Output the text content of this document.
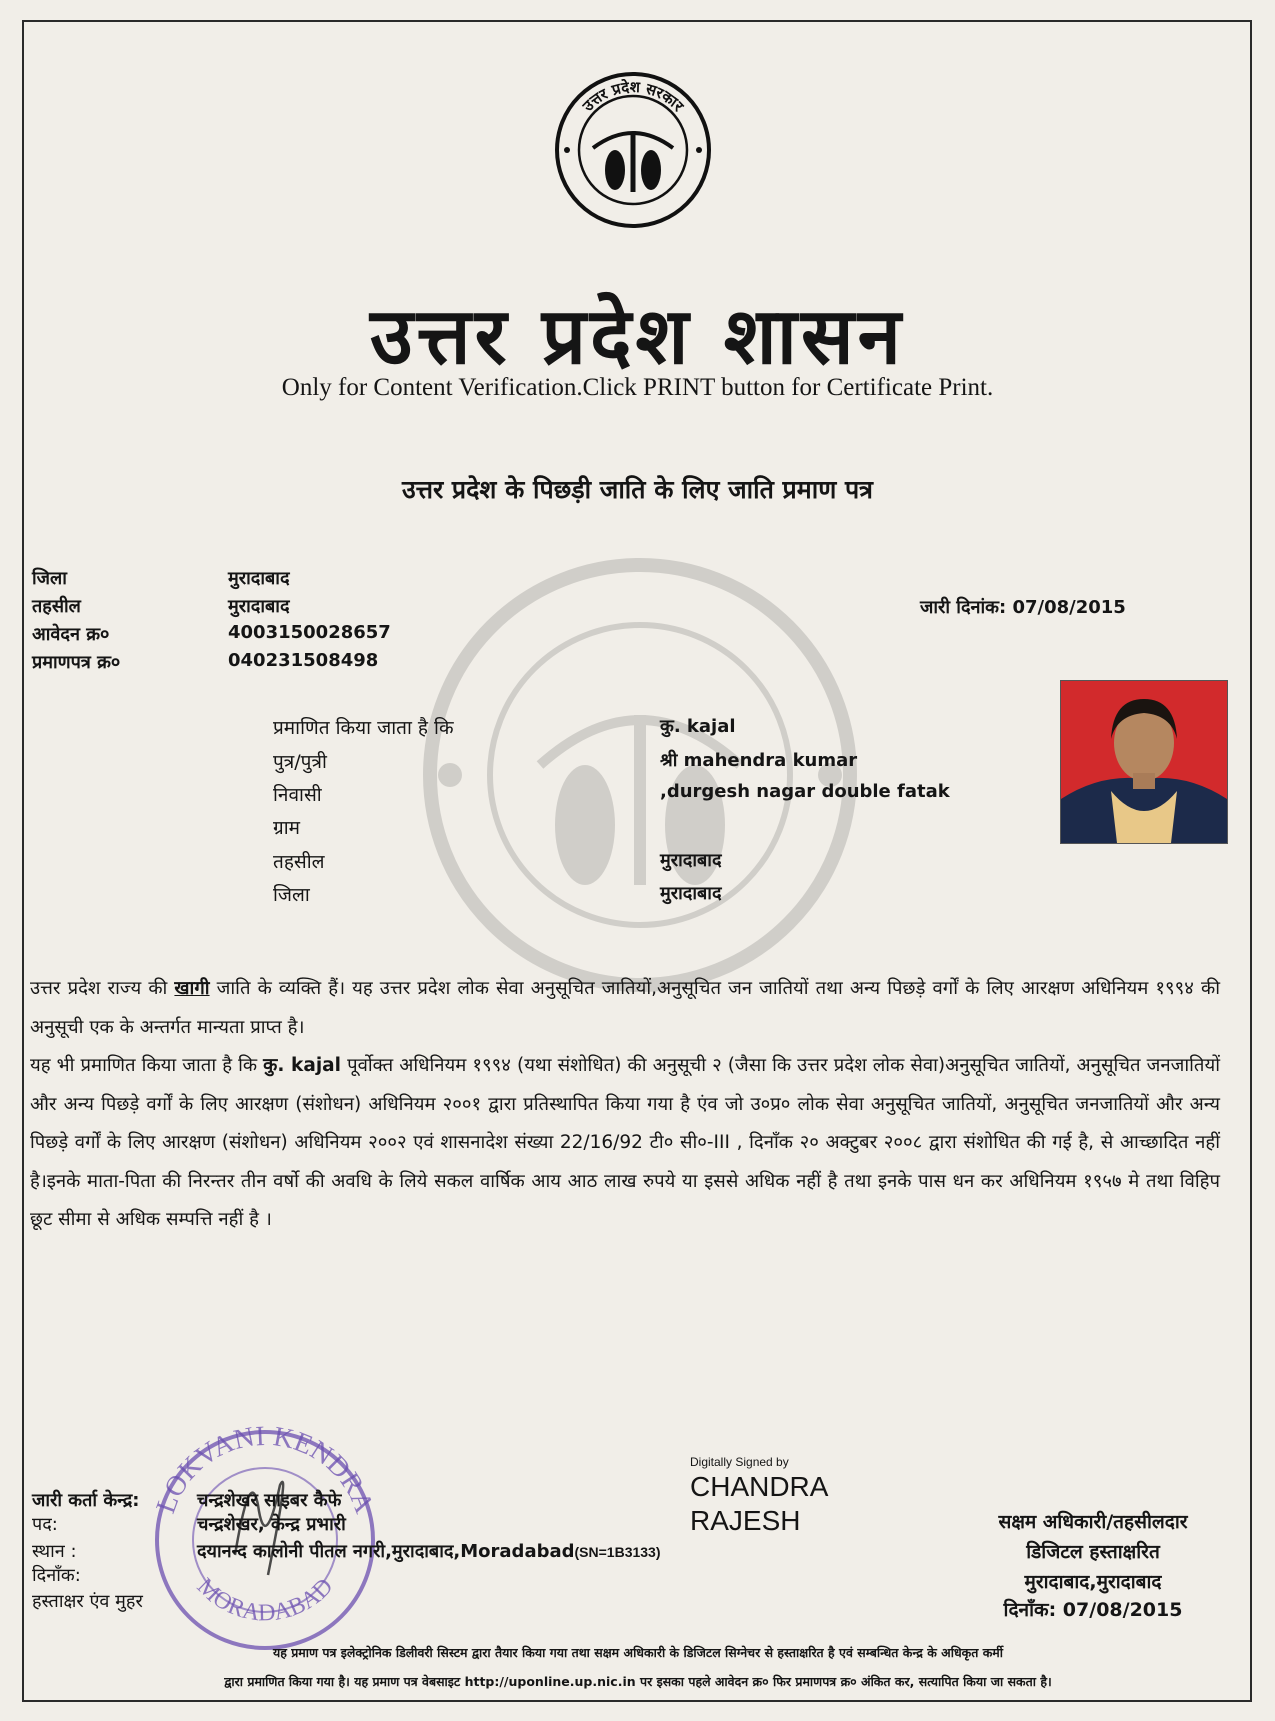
उत्तर प्रदेश सरकार
उत्तर प्रदेश शासन
Only for Content Verification.Click PRINT button for Certificate Print.
उत्तर प्रदेश के पिछड़ी जाति के लिए जाति प्रमाण पत्र
जिला	मुरादाबाद
तहसील	मुरादाबाद
आवेदन क्र०	4003150028657
प्रमाणपत्र क्र०	040231508498
जारी दिनांक: 07/08/2015
प्रमाणित किया जाता है कि	कु. kajal
पुत्र/पुत्री	श्री mahendra kumar
निवासी	,durgesh nagar double fatak
ग्राम
तहसील	मुरादाबाद
जिला	मुरादाबाद

उत्तर प्रदेश राज्य की खागी जाति के व्यक्ति हैं। यह उत्तर प्रदेश लोक सेवा अनुसूचित जातियों,अनुसूचित जन जातियों तथा अन्य पिछड़े वर्गों के लिए आरक्षण अधिनियम १९९४ की अनुसूची एक के अन्तर्गत मान्यता प्राप्त है।

यह भी प्रमाणित किया जाता है कि कु. kajal पूर्वोक्त अधिनियम १९९४ (यथा संशोधित) की अनुसूची २ (जैसा कि उत्तर प्रदेश लोक सेवा)अनुसूचित जातियों, अनुसूचित जनजातियों और अन्य पिछड़े वर्गों के लिए आरक्षण (संशोधन) अधिनियम २००१ द्वारा प्रतिस्थापित किया गया है एंव जो उ०प्र० लोक सेवा अनुसूचित जातियों, अनुसूचित जनजातियों और अन्य पिछड़े वर्गों के लिए आरक्षण (संशोधन) अधिनियम २००२ एवं शासनादेश संख्या 22/16/92 टी० सी०-III , दिनाँक २० अक्टुबर २००८ द्वारा संशोधित की गई है, से आच्छादित नहीं है।इनके माता-पिता की निरन्तर तीन वर्षो की अवधि के लिये सकल वार्षिक आय आठ लाख रुपये या इससे अधिक नहीं है तथा इनके पास धन कर अधिनियम १९५७ मे तथा विहिप छूट सीमा से अधिक सम्पत्ति नहीं है ।

LOKVANI KENDRA
MORADABAD
जारी कर्ता केन्द्र:	चन्द्रशेखर साइबर कैफे
पद:	चन्द्रशेखर, केन्द्र प्रभारी
स्थान :	दयानन्द कालोनी पीतल नगरी,मुरादाबाद,Moradabad(SN=1B3133)
दिनाँक:
हस्ताक्षर एंव मुहर
Digitally Signed by
CHANDRA
RAJESH	सक्षम अधिकारी/तहसीलदार
डिजिटल हस्ताक्षरित
मुरादाबाद,मुरादाबाद
दिनाँक: 07/08/2015
यह प्रमाण पत्र इलेक्ट्रोनिक डिलीवरी सिस्टम द्वारा तैयार किया गया तथा सक्षम अधिकारी के डिजिटल सिग्नेचर से हस्ताक्षरित है एवं सम्बन्धित केन्द्र के अधिकृत कर्मी
द्वारा प्रमाणित किया गया है। यह प्रमाण पत्र वेबसाइट http://uponline.up.nic.in पर इसका पहले आवेदन क्र० फिर प्रमाणपत्र क्र० अंकित कर, सत्यापित किया जा सकता है।
